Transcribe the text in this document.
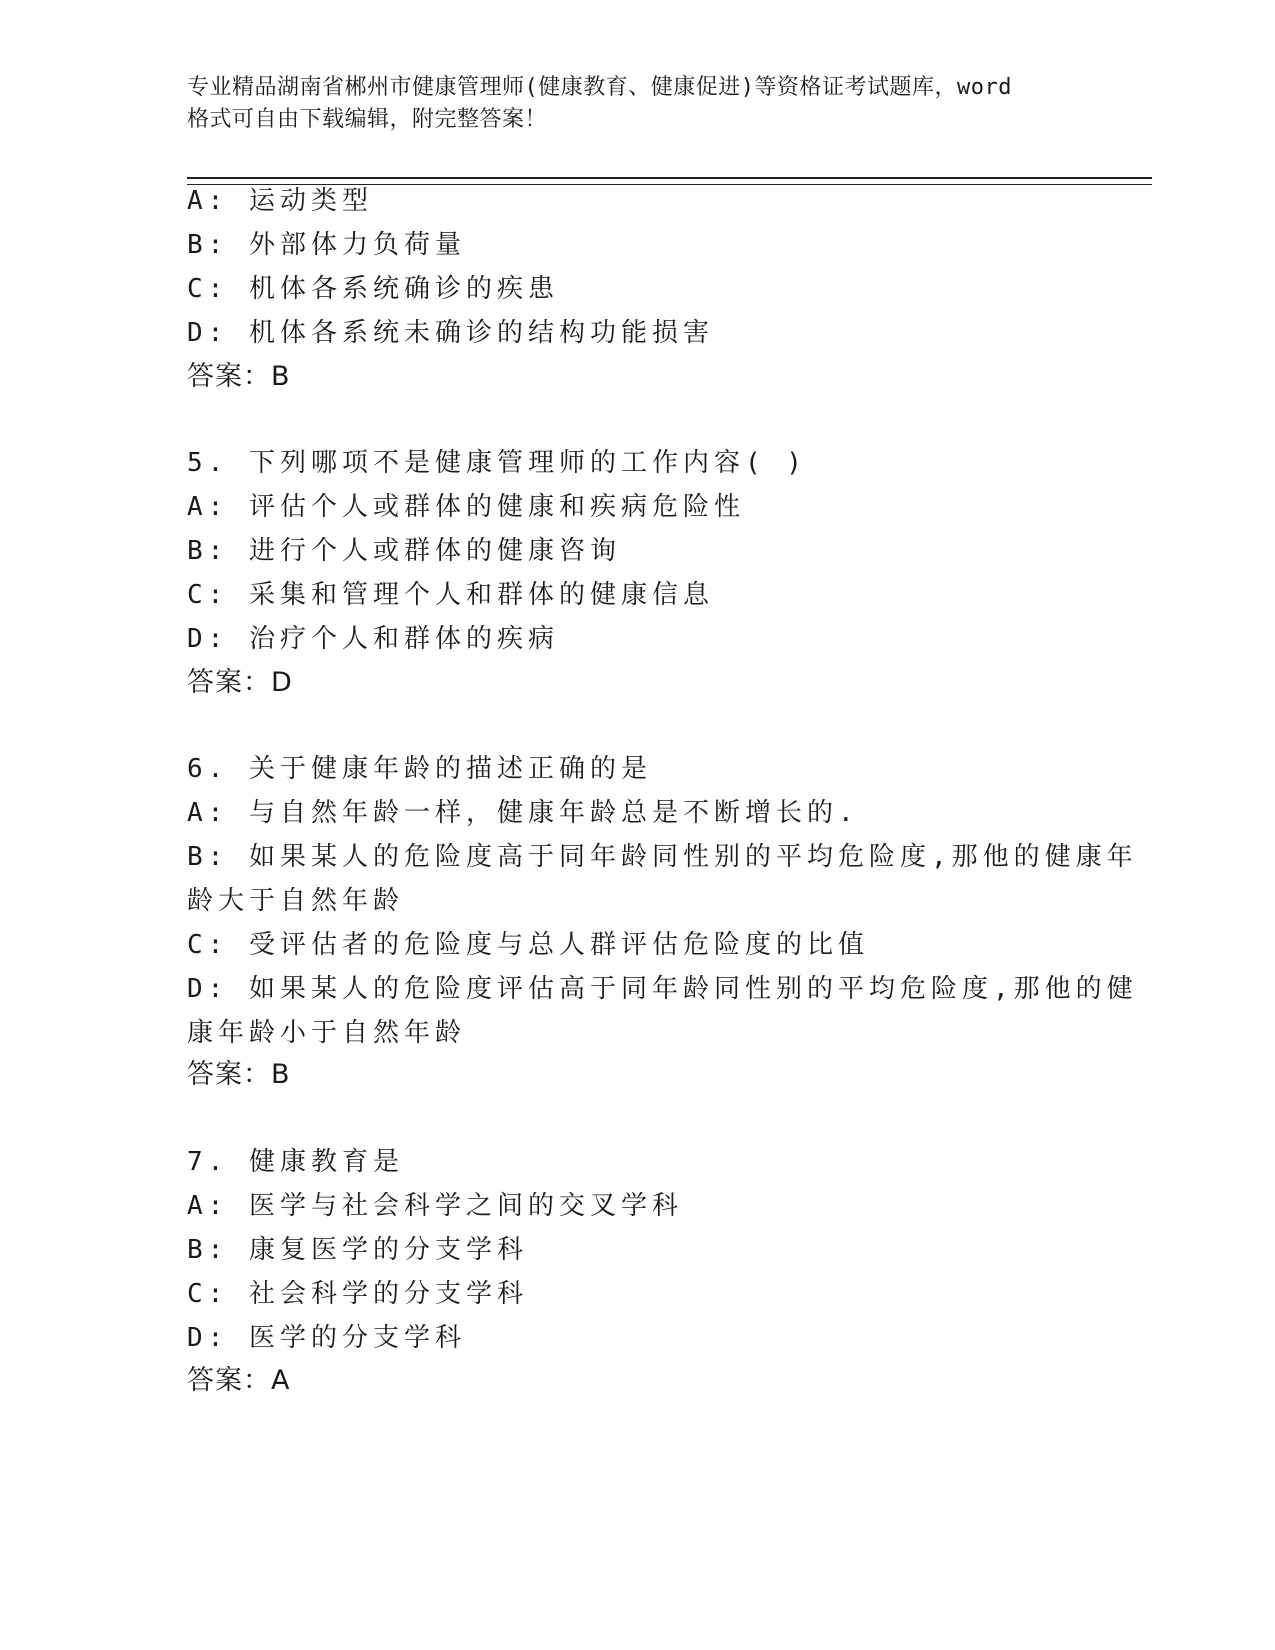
专业精品湖南省郴州市健康管理师(健康教育、健康促进)等资格证考试题库，word
格式可自由下载编辑，附完整答案！
A: 运动类型
B: 外部体力负荷量
C: 机体各系统确诊的疾患
D: 机体各系统未确诊的结构功能损害
答案：B
5. 下列哪项不是健康管理师的工作内容( )
A: 评估个人或群体的健康和疾病危险性
B: 进行个人或群体的健康咨询
C: 采集和管理个人和群体的健康信息
D: 治疗个人和群体的疾病
答案：D
6. 关于健康年龄的描述正确的是
A: 与自然年龄一样，健康年龄总是不断增长的.
B: 如果某人的危险度高于同年龄同性别的平均危险度,那他的健康年
龄大于自然年龄
C: 受评估者的危险度与总人群评估危险度的比值
D: 如果某人的危险度评估高于同年龄同性别的平均危险度,那他的健
康年龄小于自然年龄
答案：B
7. 健康教育是
A: 医学与社会科学之间的交叉学科
B: 康复医学的分支学科
C: 社会科学的分支学科
D: 医学的分支学科
答案：A
